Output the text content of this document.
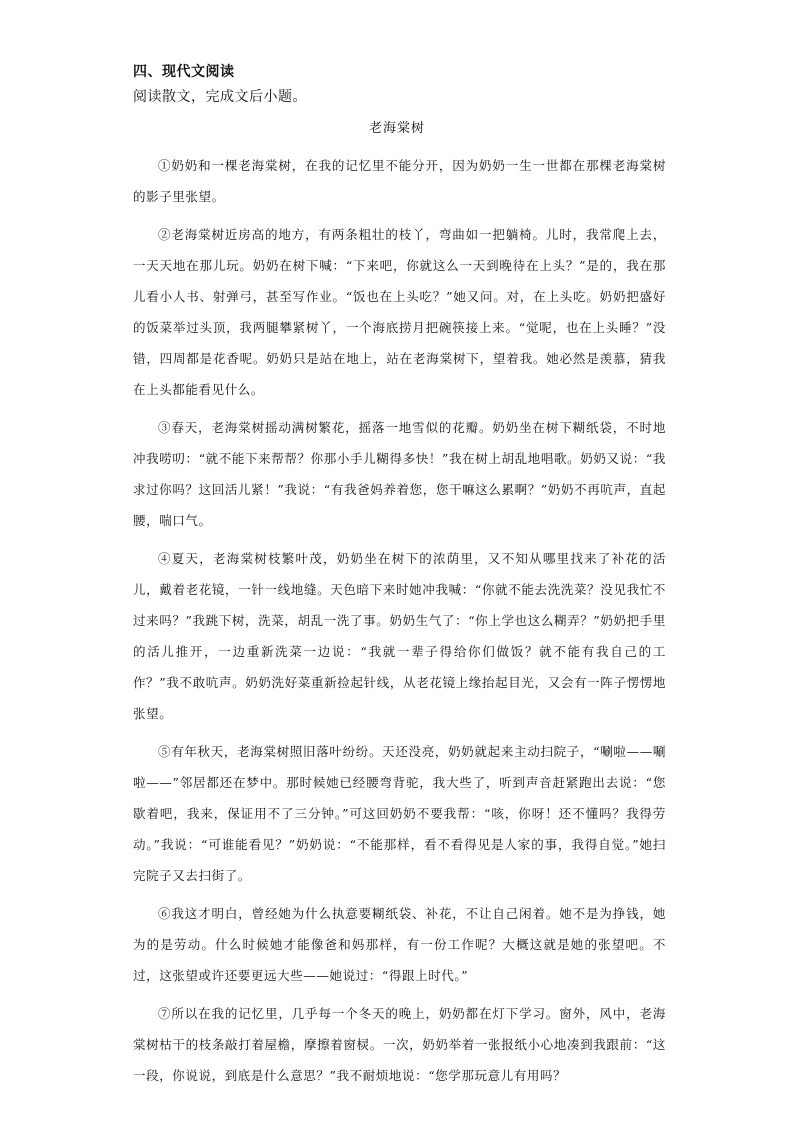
四、现代文阅读
阅读散文，完成文后小题。
老海棠树

①奶奶和一棵老海棠树，在我的记忆里不能分开，因为奶奶一生一世都在那棵老海棠树的影子里张望。

②老海棠树近房高的地方，有两条粗壮的枝丫，弯曲如一把躺椅。儿时，我常爬上去，一天天地在那儿玩。奶奶在树下喊：“下来吧，你就这么一天到晚待在上头？”是的，我在那儿看小人书、射弹弓，甚至写作业。“饭也在上头吃？”她又问。对，在上头吃。奶奶把盛好的饭菜举过头顶，我两腿攀紧树丫，一个海底捞月把碗筷接上来。“觉呢，也在上头睡？”没错，四周都是花香呢。奶奶只是站在地上，站在老海棠树下，望着我。她必然是羡慕，猜我在上头都能看见什么。

③春天，老海棠树摇动满树繁花，摇落一地雪似的花瓣。奶奶坐在树下糊纸袋，不时地冲我唠叨：“就不能下来帮帮？你那小手儿糊得多快！”我在树上胡乱地唱歌。奶奶又说：“我求过你吗？这回活儿紧！”我说：“有我爸妈养着您，您干嘛这么累啊？”奶奶不再吭声，直起腰，喘口气。

④夏天，老海棠树枝繁叶茂，奶奶坐在树下的浓荫里，又不知从哪里找来了补花的活儿，戴着老花镜，一针一线地缝。天色暗下来时她冲我喊：“你就不能去洗洗菜？没见我忙不过来吗？”我跳下树，洗菜，胡乱一洗了事。奶奶生气了：“你上学也这么糊弄？”奶奶把手里的活儿推开，一边重新洗菜一边说：“我就一辈子得给你们做饭？就不能有我自己的工作？”我不敢吭声。奶奶洗好菜重新捡起针线，从老花镜上缘抬起目光，又会有一阵子愣愣地张望。

⑤有年秋天，老海棠树照旧落叶纷纷。天还没亮，奶奶就起来主动扫院子，“唰啦——唰啦——”邻居都还在梦中。那时候她已经腰弯背驼，我大些了，听到声音赶紧跑出去说：“您歇着吧，我来，保证用不了三分钟。”可这回奶奶不要我帮：“咳，你呀！还不懂吗？我得劳动。”我说：“可谁能看见？”奶奶说：“不能那样，看不看得见是人家的事，我得自觉。”她扫完院子又去扫街了。

⑥我这才明白，曾经她为什么执意要糊纸袋、补花，不让自己闲着。她不是为挣钱，她为的是劳动。什么时候她才能像爸和妈那样，有一份工作呢？大概这就是她的张望吧。不过，这张望或许还要更远大些——她说过：“得跟上时代。”

⑦所以在我的记忆里，几乎每一个冬天的晚上，奶奶都在灯下学习。窗外，风中，老海棠树枯干的枝条敲打着屋檐，摩擦着窗棂。一次，奶奶举着一张报纸小心地凑到我跟前：“这一段，你说说，到底是什么意思？”我不耐烦地说：“您学那玩意儿有用吗？
